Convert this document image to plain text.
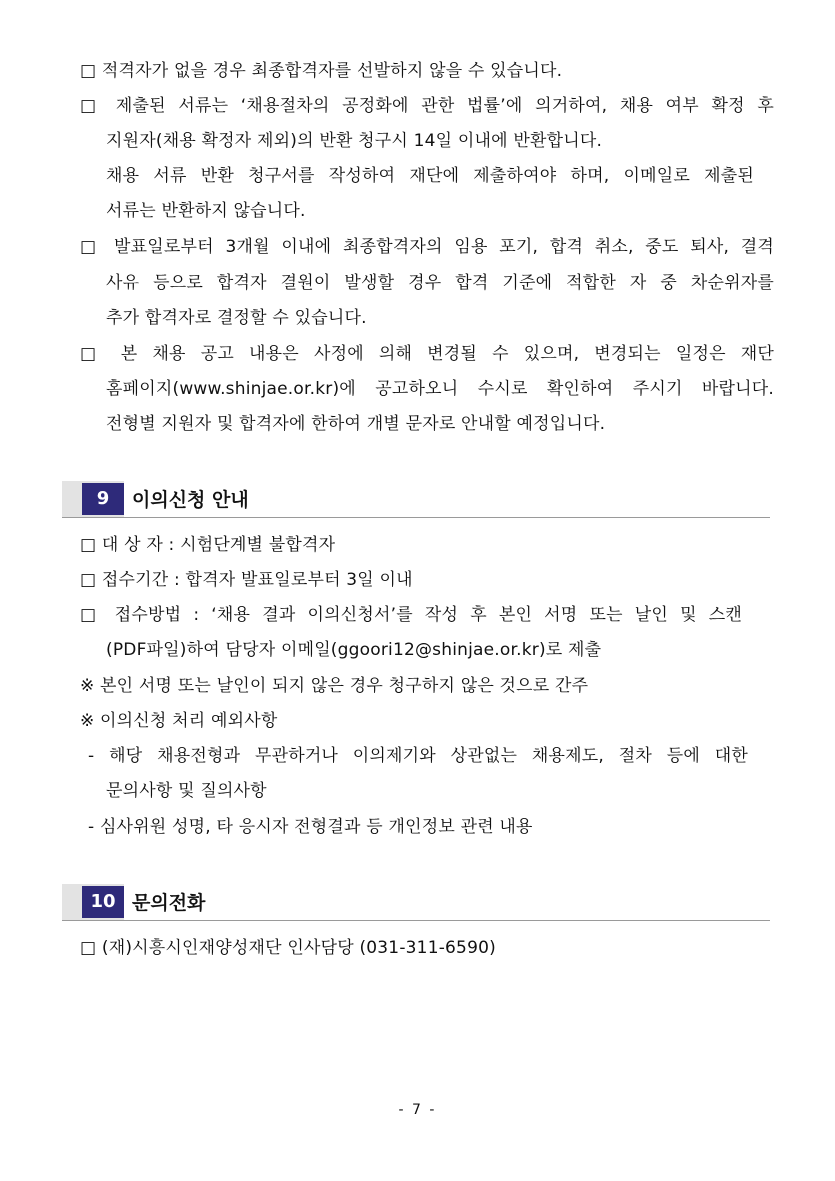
□ 적격자가 없을 경우 최종합격자를 선발하지 않을 수 있습니다.
□ 제출된 서류는 ‘채용절차의 공정화에 관한 법률’에 의거하여, 채용 여부 확정 후
지원자(채용 확정자 제외)의 반환 청구시 14일 이내에 반환합니다.
채용 서류 반환 청구서를 작성하여 재단에 제출하여야 하며, 이메일로 제출된
서류는 반환하지 않습니다.
□ 발표일로부터 3개월 이내에 최종합격자의 임용 포기, 합격 취소, 중도 퇴사, 결격
사유 등으로 합격자 결원이 발생할 경우 합격 기준에 적합한 자 중 차순위자를
추가 합격자로 결정할 수 있습니다.
□ 본 채용 공고 내용은 사정에 의해 변경될 수 있으며, 변경되는 일정은 재단
홈페이지(www.shinjae.or.kr)에 공고하오니 수시로 확인하여 주시기 바랍니다.
전형별 지원자 및 합격자에 한하여 개별 문자로 안내할 예정입니다.
9	이의신청 안내
□ 대 상 자 : 시험단계별 불합격자
□ 접수기간 : 합격자 발표일로부터 3일 이내
□ 접수방법 : ‘채용 결과 이의신청서’를 작성 후 본인 서명 또는 날인 및 스캔
(PDF파일)하여 담당자 이메일(ggoori12@shinjae.or.kr)로 제출
※ 본인 서명 또는 날인이 되지 않은 경우 청구하지 않은 것으로 간주
※ 이의신청 처리 예외사항
- 해당 채용전형과 무관하거나 이의제기와 상관없는 채용제도, 절차 등에 대한
문의사항 및 질의사항
- 심사위원 성명, 타 응시자 전형결과 등 개인정보 관련 내용
10 문의전화
□ (재)시흥시인재양성재단 인사담당 (031-311-6590)
- 7 -
